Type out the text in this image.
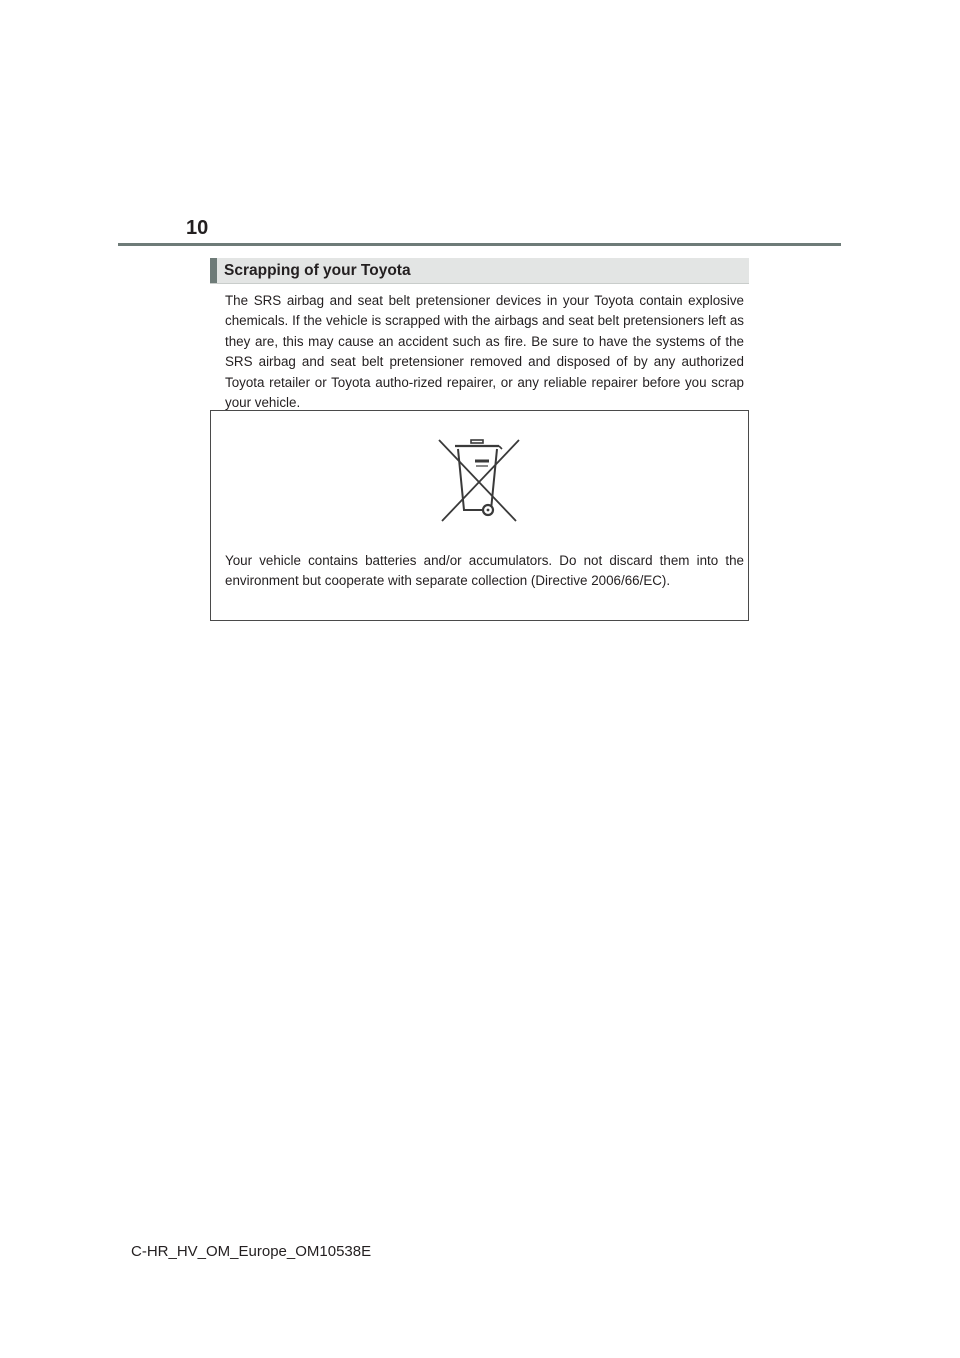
10
Scrapping of your Toyota

The SRS airbag and seat belt pretensioner devices in your Toyota contain explosive chemicals. If the vehicle is scrapped with the airbags and seat belt pretensioners left as they are, this may cause an accident such as fire. Be sure to have the systems of the SRS airbag and seat belt pretensioner removed and disposed of by any authorized Toyota retailer or Toyota autho-rized repairer, or any reliable repairer before you scrap your vehicle.

Your vehicle contains batteries and/or accumulators. Do not discard them into the environment but cooperate with separate collection (Directive 2006/66/EC).

C-HR_HV_OM_Europe_OM10538E
